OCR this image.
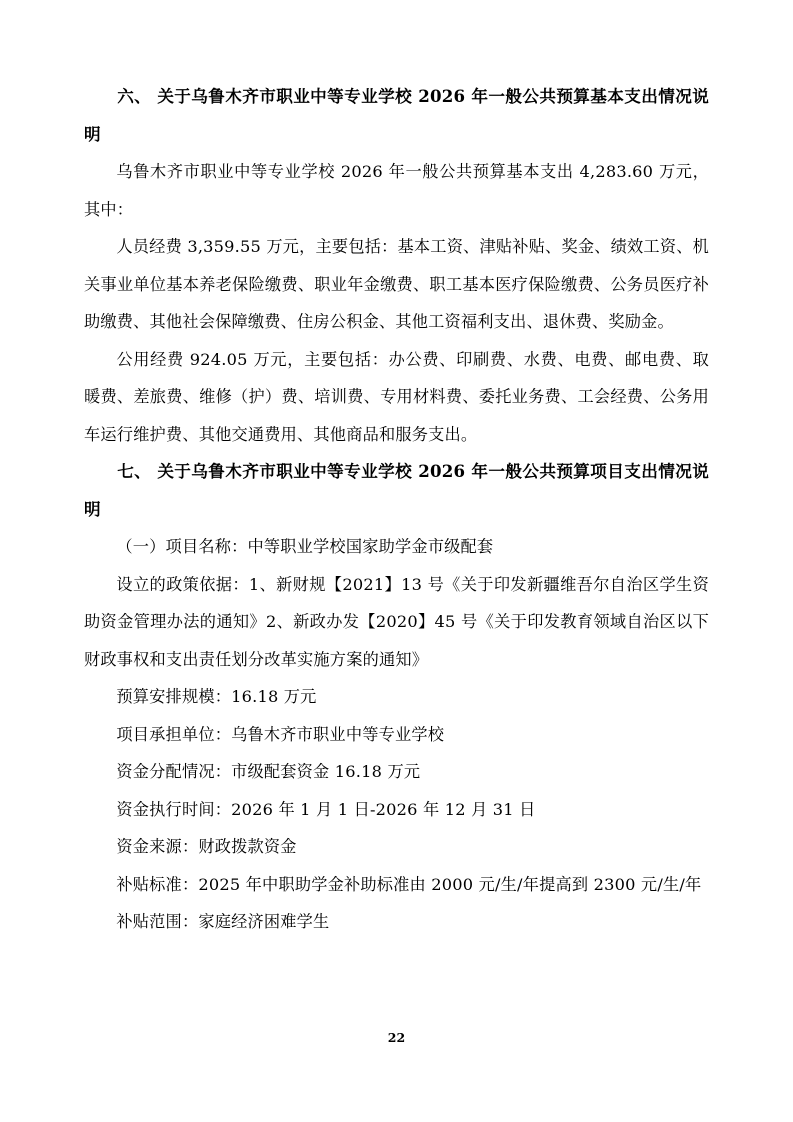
六、 关于乌鲁木齐市职业中等专业学校 2026 年一般公共预算基本支出情况说明

乌鲁木齐市职业中等专业学校 2026 年一般公共预算基本支出 4,283.60 万元，其中：

人员经费 3,359.55 万元，主要包括：基本工资、津贴补贴、奖金、绩效工资、机关事业单位基本养老保险缴费、职业年金缴费、职工基本医疗保险缴费、公务员医疗补助缴费、其他社会保障缴费、住房公积金、其他工资福利支出、退休费、奖励金。

公用经费 924.05 万元，主要包括：办公费、印刷费、水费、电费、邮电费、取暖费、差旅费、维修（护）费、培训费、专用材料费、委托业务费、工会经费、公务用车运行维护费、其他交通费用、其他商品和服务支出。

七、 关于乌鲁木齐市职业中等专业学校 2026 年一般公共预算项目支出情况说明

（一）项目名称：中等职业学校国家助学金市级配套

设立的政策依据：1、新财规【2021】13 号《关于印发新疆维吾尔自治区学生资助资金管理办法的通知》2、新政办发【2020】45 号《关于印发教育领域自治区以下财政事权和支出责任划分改革实施方案的通知》

预算安排规模：16.18 万元

项目承担单位：乌鲁木齐市职业中等专业学校

资金分配情况：市级配套资金 16.18 万元

资金执行时间：2026 年 1 月 1 日-2026 年 12 月 31 日

资金来源：财政拨款资金

补贴标准：2025 年中职助学金补助标准由 2000 元/生/年提高到 2300 元/生/年

补贴范围：家庭经济困难学生

22
